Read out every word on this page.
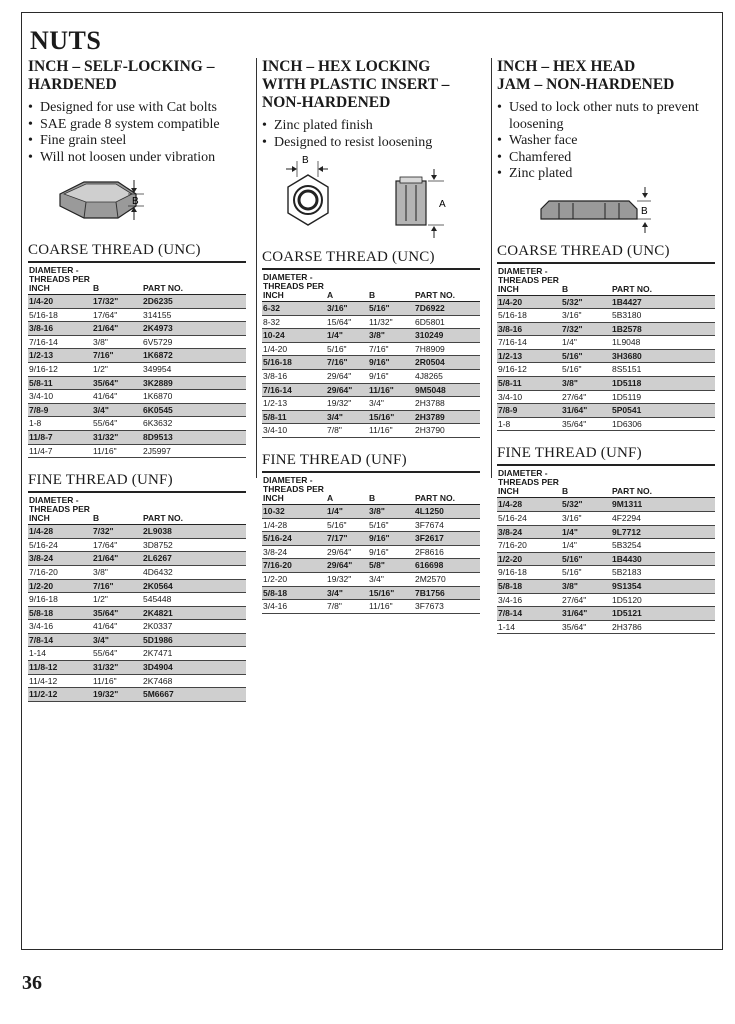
NUTS
INCH – SELF-LOCKING –
HARDENED
• Designed for use with Cat bolts
• SAE grade 8 system compatible
• Fine grain steel
• Will not loosen under vibration
B
COARSE THREAD (UNC)
DIAMETER - THREADS PER INCH	B	PART NO.
1/4-20	17/32"	2D6235
5/16-18	17/64"	314155
3/8-16	21/64"	2K4973
7/16-14	3/8"	6V5729
1/2-13	7/16"	1K6872
9/16-12	1/2"	349954
5/8-11	35/64"	3K2889
3/4-10	41/64"	1K6870
7/8-9	3/4"	6K0545
1-8	55/64"	6K3632
11/8-7	31/32"	8D9513
11/4-7	11/16"	2J5997
FINE THREAD (UNF)
DIAMETER - THREADS PER INCH	B	PART NO.
1/4-28	7/32"	2L9038
5/16-24	17/64"	3D8752
3/8-24	21/64"	2L6267
7/16-20	3/8"	4D6432
1/2-20	7/16"	2K0564
9/16-18	1/2"	545448
5/8-18	35/64"	2K4821
3/4-16	41/64"	2K0337
7/8-14	3/4"	5D1986
1-14	55/64"	2K7471
11/8-12	31/32"	3D4904
11/4-12	11/16"	2K7468
11/2-12	19/32"	5M6667
INCH – HEX LOCKING
WITH PLASTIC INSERT –
NON-HARDENED
• Zinc plated finish
• Designed to resist loosening
B
A
COARSE THREAD (UNC)
DIAMETER - THREADS PER INCH	A	B	PART NO.
6-32	3/16"	5/16"	7D6922
8-32	15/64"	11/32"	6D5801
10-24	1/4"	3/8"	310249
1/4-20	5/16"	7/16"	7H8909
5/16-18	7/16"	9/16"	2R0504
3/8-16	29/64"	9/16"	4J8265
7/16-14	29/64"	11/16"	9M5048
1/2-13	19/32"	3/4"	2H3788
5/8-11	3/4"	15/16"	2H3789
3/4-10	7/8"	11/16"	2H3790
FINE THREAD (UNF)
DIAMETER - THREADS PER INCH	A	B	PART NO.
10-32	1/4"	3/8"	4L1250
1/4-28	5/16"	5/16"	3F7674
5/16-24	7/17"	9/16"	3F2617
3/8-24	29/64"	9/16"	2F8616
7/16-20	29/64"	5/8"	616698
1/2-20	19/32"	3/4"	2M2570
5/8-18	3/4"	15/16"	7B1756
3/4-16	7/8"	11/16"	3F7673
INCH – HEX HEAD
JAM – NON-HARDENED
• Used to lock other nuts to prevent loosening
• Washer face
• Chamfered
• Zinc plated
B
COARSE THREAD (UNC)
DIAMETER - THREADS PER INCH	B	PART NO.
1/4-20	5/32"	1B4427
5/16-18	3/16"	5B3180
3/8-16	7/32"	1B2578
7/16-14	1/4"	1L9048
1/2-13	5/16"	3H3680
9/16-12	5/16"	8S5151
5/8-11	3/8"	1D5118
3/4-10	27/64"	1D5119
7/8-9	31/64"	5P0541
1-8	35/64"	1D6306
FINE THREAD (UNF)
DIAMETER - THREADS PER INCH	B	PART NO.
1/4-28	5/32"	9M1311
5/16-24	3/16"	4F2294
3/8-24	1/4"	9L7712
7/16-20	1/4"	5B3254
1/2-20	5/16"	1B4430
9/16-18	5/16"	5B2183
5/8-18	3/8"	9S1354
3/4-16	27/64"	1D5120
7/8-14	31/64"	1D5121
1-14	35/64"	2H3786
36
